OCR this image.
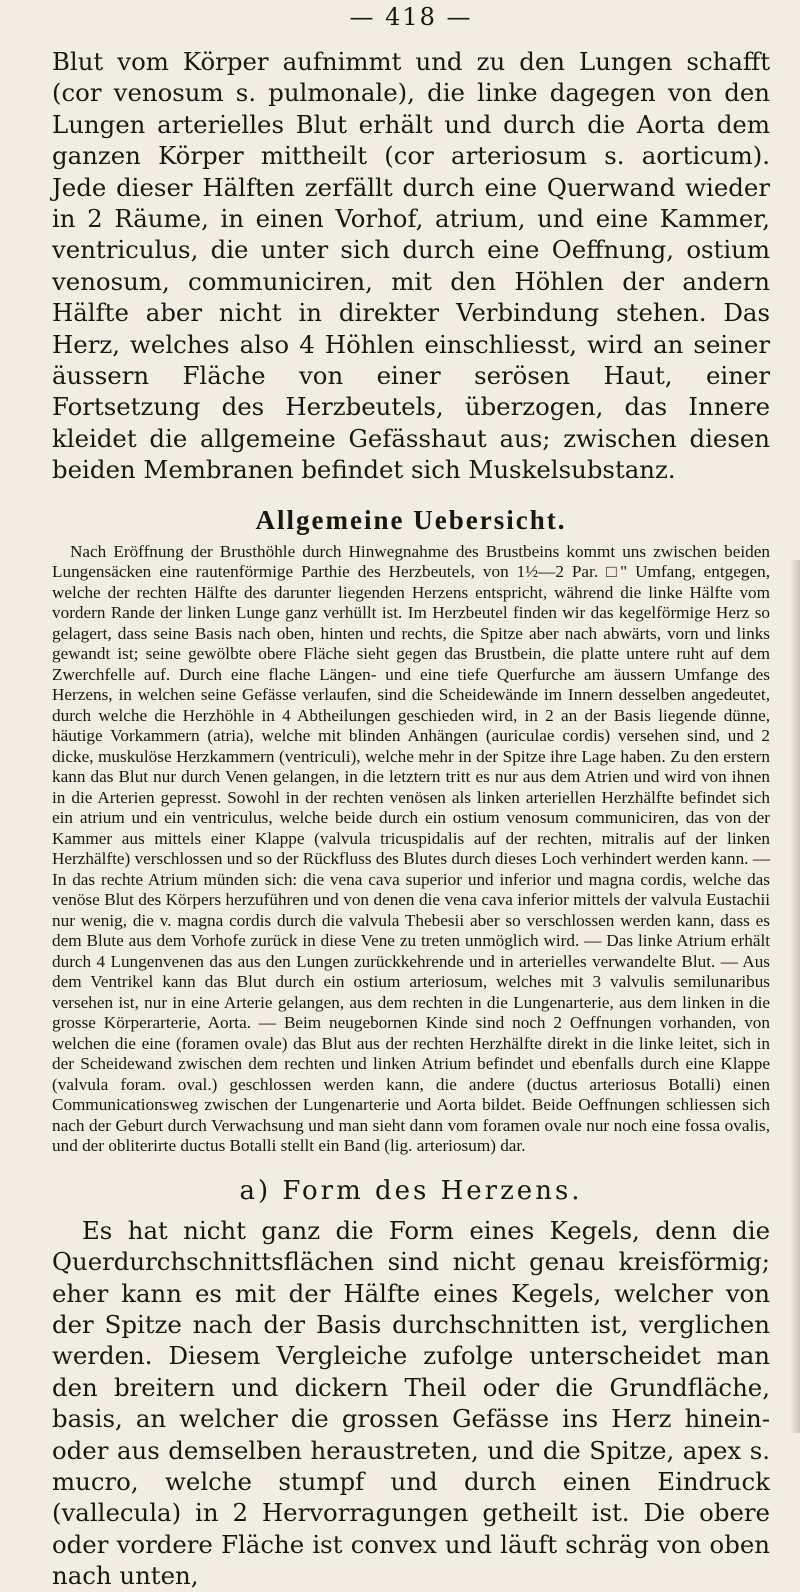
— 418 —

Blut vom Körper aufnimmt und zu den Lungen schafft (cor venosum s. pulmonale), die linke dagegen von den Lungen arterielles Blut erhält und durch die Aorta dem ganzen Körper mittheilt (cor arteriosum s. aorticum). Jede dieser Hälften zerfällt durch eine Querwand wieder in 2 Räume, in einen Vorhof, atrium, und eine Kammer, ventriculus, die unter sich durch eine Oeffnung, ostium venosum, communiciren, mit den Höhlen der andern Hälfte aber nicht in direkter Verbindung stehen. Das Herz, welches also 4 Höhlen einschliesst, wird an seiner äussern Fläche von einer serösen Haut, einer Fortsetzung des Herzbeutels, überzogen, das Innere kleidet die allgemeine Gefässhaut aus; zwischen diesen beiden Membranen befindet sich Muskelsubstanz.

Allgemeine Uebersicht.

Nach Eröffnung der Brusthöhle durch Hinwegnahme des Brustbeins kommt uns zwischen beiden Lungensäcken eine rautenförmige Parthie des Herzbeutels, von 1½—2 Par. □" Umfang, entgegen, welche der rechten Hälfte des darunter liegenden Herzens entspricht, während die linke Hälfte vom vordern Rande der linken Lunge ganz verhüllt ist. Im Herzbeutel finden wir das kegelförmige Herz so gelagert, dass seine Basis nach oben, hinten und rechts, die Spitze aber nach abwärts, vorn und links gewandt ist; seine gewölbte obere Fläche sieht gegen das Brustbein, die platte untere ruht auf dem Zwerchfelle auf. Durch eine flache Längen- und eine tiefe Querfurche am äussern Umfange des Herzens, in welchen seine Gefässe verlaufen, sind die Scheidewände im Innern desselben angedeutet, durch welche die Herzhöhle in 4 Abtheilungen geschieden wird, in 2 an der Basis liegende dünne, häutige Vorkammern (atria), welche mit blinden Anhängen (auriculae cordis) versehen sind, und 2 dicke, muskulöse Herzkammern (ventriculi), welche mehr in der Spitze ihre Lage haben. Zu den erstern kann das Blut nur durch Venen gelangen, in die letztern tritt es nur aus dem Atrien und wird von ihnen in die Arterien gepresst. Sowohl in der rechten venösen als linken arteriellen Herzhälfte befindet sich ein atrium und ein ventriculus, welche beide durch ein ostium venosum communiciren, das von der Kammer aus mittels einer Klappe (valvula tricuspidalis auf der rechten, mitralis auf der linken Herzhälfte) verschlossen und so der Rückfluss des Blutes durch dieses Loch verhindert werden kann. — In das rechte Atrium münden sich: die vena cava superior und inferior und magna cordis, welche das venöse Blut des Körpers herzuführen und von denen die vena cava inferior mittels der valvula Eustachii nur wenig, die v. magna cordis durch die valvula Thebesii aber so verschlossen werden kann, dass es dem Blute aus dem Vorhofe zurück in diese Vene zu treten unmöglich wird. — Das linke Atrium erhält durch 4 Lungenvenen das aus den Lungen zurückkehrende und in arterielles verwandelte Blut. — Aus dem Ventrikel kann das Blut durch ein ostium arteriosum, welches mit 3 valvulis semilunaribus versehen ist, nur in eine Arterie gelangen, aus dem rechten in die Lungenarterie, aus dem linken in die grosse Körperarterie, Aorta. — Beim neugebornen Kinde sind noch 2 Oeffnungen vorhanden, von welchen die eine (foramen ovale) das Blut aus der rechten Herzhälfte direkt in die linke leitet, sich in der Scheidewand zwischen dem rechten und linken Atrium befindet und ebenfalls durch eine Klappe (valvula foram. oval.) geschlossen werden kann, die andere (ductus arteriosus Botalli) einen Communicationsweg zwischen der Lungenarterie und Aorta bildet. Beide Oeffnungen schliessen sich nach der Geburt durch Verwachsung und man sieht dann vom foramen ovale nur noch eine fossa ovalis, und der obliterirte ductus Botalli stellt ein Band (lig. arteriosum) dar.

a) Form des Herzens.

Es hat nicht ganz die Form eines Kegels, denn die Querdurchschnittsflächen sind nicht genau kreisförmig; eher kann es mit der Hälfte eines Kegels, welcher von der Spitze nach der Basis durchschnitten ist, verglichen werden. Diesem Vergleiche zufolge unterscheidet man den breitern und dickern Theil oder die Grundfläche, basis, an welcher die grossen Gefässe ins Herz hinein- oder aus demselben heraustreten, und die Spitze, apex s. mucro, welche stumpf und durch einen Eindruck (vallecula) in 2 Hervorragungen getheilt ist. Die obere oder vordere Fläche ist convex und läuft schräg von oben nach unten,
